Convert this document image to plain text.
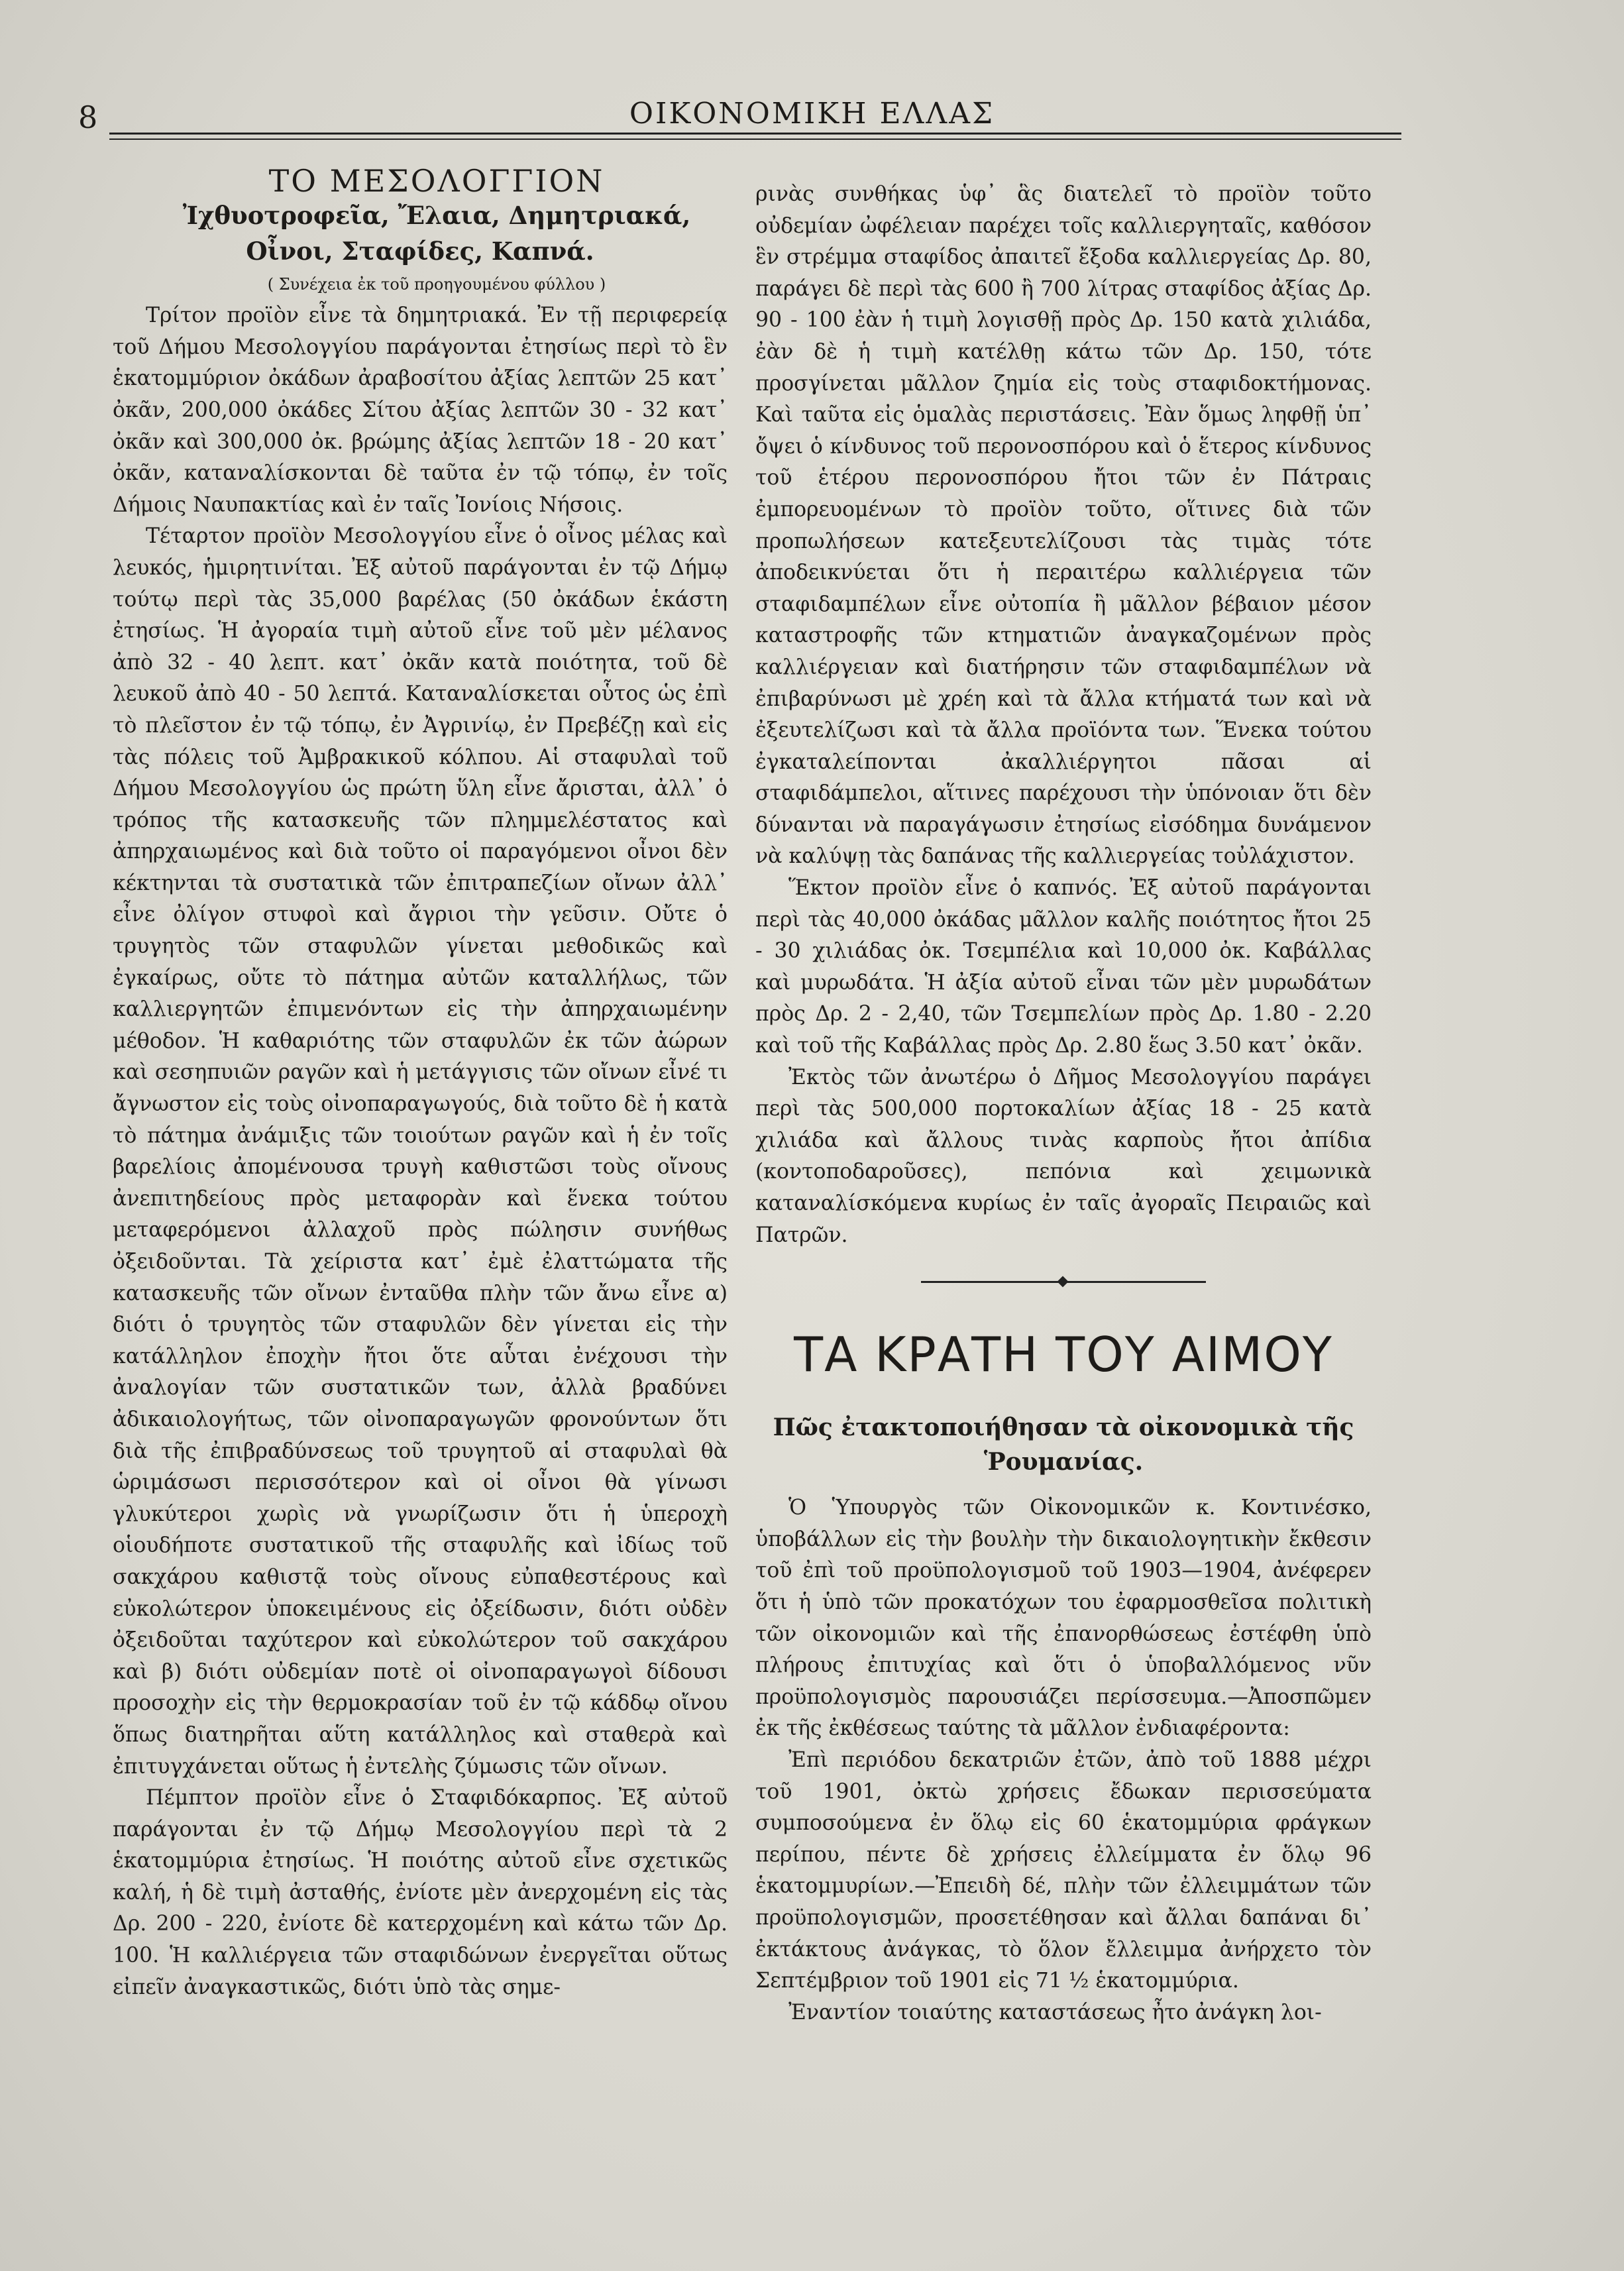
8	ΟΙΚΟΝΟΜΙΚΗ ΕΛΛΑΣ

ΤΟ ΜΕΣΟΛΟΓΓΙΟΝ

Ἰχθυοτροφεῖα, Ἔλαια, Δημητριακά, Οἶνοι, Σταφίδες, Καπνά.

( Συνέχεια ἐκ τοῦ προηγουμένου φύλλου )

Τρίτον προϊὸν εἶνε τὰ δημητριακά. Ἐν τῇ περιφερείᾳ τοῦ Δήμου Μεσολογγίου παράγονται ἐτησίως περὶ τὸ ἓν ἑκατομμύριον ὀκάδων ἀραβοσίτου ἀξίας λεπτῶν 25 κατ᾽ ὀκᾶν, 200,000 ὀκάδες Σίτου ἀξίας λεπτῶν 30 - 32 κατ᾽ ὀκᾶν καὶ 300,000 ὀκ. βρώμης ἀξίας λεπτῶν 18 - 20 κατ᾽ ὀκᾶν, καταναλίσκονται δὲ ταῦτα ἐν τῷ τόπῳ, ἐν τοῖς Δήμοις Ναυπακτίας καὶ ἐν ταῖς Ἰονίοις Νήσοις.

Τέταρτον προϊὸν Μεσολογγίου εἶνε ὁ οἶνος μέλας καὶ λευκός, ἡμιρητινίται. Ἐξ αὐτοῦ παράγονται ἐν τῷ Δήμῳ τούτῳ περὶ τὰς 35,000 βαρέλας (50 ὀκάδων ἑκάστη ἐτησίως. Ἡ ἀγοραία τιμὴ αὐτοῦ εἶνε τοῦ μὲν μέλανος ἀπὸ 32 - 40 λεπτ. κατ᾽ ὀκᾶν κατὰ ποιότητα, τοῦ δὲ λευκοῦ ἀπὸ 40 - 50 λεπτά. Καταναλίσκεται οὗτος ὡς ἐπὶ τὸ πλεῖστον ἐν τῷ τόπῳ, ἐν Ἀγρινίῳ, ἐν Πρεβέζῃ καὶ εἰς τὰς πόλεις τοῦ Ἀμβρακικοῦ κόλπου. Αἱ σταφυλαὶ τοῦ Δήμου Μεσολογγίου ὡς πρώτη ὕλη εἶνε ἄρισται, ἀλλ᾽ ὁ τρόπος τῆς κατασκευῆς τῶν πλημμελέστατος καὶ ἀπηρχαιωμένος καὶ διὰ τοῦτο οἱ παραγόμενοι οἶνοι δὲν κέκτηνται τὰ συστατικὰ τῶν ἐπιτραπεζίων οἴνων ἀλλ᾽ εἶνε ὀλίγον στυφοὶ καὶ ἄγριοι τὴν γεῦσιν. Οὔτε ὁ τρυγητὸς τῶν σταφυλῶν γίνεται μεθοδικῶς καὶ ἐγκαίρως, οὔτε τὸ πάτημα αὐτῶν καταλλήλως, τῶν καλλιεργητῶν ἐπιμενόντων εἰς τὴν ἀπηρχαιωμένην μέθοδον. Ἡ καθαριότης τῶν σταφυλῶν ἐκ τῶν ἀώρων καὶ σεσηπυιῶν ραγῶν καὶ ἡ μετάγγισις τῶν οἴνων εἶνέ τι ἄγνωστον εἰς τοὺς οἰνοπαραγωγούς, διὰ τοῦτο δὲ ἡ κατὰ τὸ πάτημα ἀνάμιξις τῶν τοιούτων ραγῶν καὶ ἡ ἐν τοῖς βαρελίοις ἀπομένουσα τρυγὴ καθιστῶσι τοὺς οἴνους ἀνεπιτηδείους πρὸς μεταφορὰν καὶ ἕνεκα τούτου μεταφερόμενοι ἀλλαχοῦ πρὸς πώλησιν συνήθως ὀξειδοῦνται. Τὰ χείριστα κατ᾽ ἐμὲ ἐλαττώματα τῆς κατασκευῆς τῶν οἴνων ἐνταῦθα πλὴν τῶν ἄνω εἶνε α) διότι ὁ τρυγητὸς τῶν σταφυλῶν δὲν γίνεται εἰς τὴν κατάλληλον ἐποχὴν ἤτοι ὅτε αὗται ἐνέχουσι τὴν ἀναλογίαν τῶν συστατικῶν των, ἀλλὰ βραδύνει ἀδικαιολογήτως, τῶν οἰνοπαραγωγῶν φρονούντων ὅτι διὰ τῆς ἐπιβραδύνσεως τοῦ τρυγητοῦ αἱ σταφυλαὶ θὰ ὡριμάσωσι περισσότερον καὶ οἱ οἶνοι θὰ γίνωσι γλυκύτεροι χωρὶς νὰ γνωρίζωσιν ὅτι ἡ ὑπεροχὴ οἱουδήποτε συστατικοῦ τῆς σταφυλῆς καὶ ἰδίως τοῦ σακχάρου καθιστᾷ τοὺς οἴνους εὐπαθεστέρους καὶ εὐκολώτερον ὑποκειμένους εἰς ὀξείδωσιν, διότι οὐδὲν ὀξειδοῦται ταχύτερον καὶ εὐκολώτερον τοῦ σακχάρου καὶ β) διότι οὐδεμίαν ποτὲ οἱ οἰνοπαραγωγοὶ δίδουσι προσοχὴν εἰς τὴν θερμοκρασίαν τοῦ ἐν τῷ κάδδῳ οἴνου ὅπως διατηρῆται αὕτη κατάλληλος καὶ σταθερὰ καὶ ἐπιτυγχάνεται οὕτως ἡ ἐντελὴς ζύμωσις τῶν οἴνων.

Πέμπτον προϊὸν εἶνε ὁ Σταφιδόκαρπος. Ἐξ αὐτοῦ παράγονται ἐν τῷ Δήμῳ Μεσολογγίου περὶ τὰ 2 ἑκατομμύρια ἐτησίως. Ἡ ποιότης αὐτοῦ εἶνε σχετικῶς καλή, ἡ δὲ τιμὴ ἀσταθής, ἐνίοτε μὲν ἀνερχομένη εἰς τὰς Δρ. 200 - 220, ἐνίοτε δὲ κατερχομένη καὶ κάτω τῶν Δρ. 100. Ἡ καλλιέργεια τῶν σταφιδώνων ἐνεργεῖται οὕτως εἰπεῖν ἀναγκαστικῶς, διότι ὑπὸ τὰς σημε-

ρινὰς συνθήκας ὑφ᾽ ἃς διατελεῖ τὸ προϊὸν τοῦτο οὐδεμίαν ὠφέλειαν παρέχει τοῖς καλλιεργηταῖς, καθόσον ἓν στρέμμα σταφίδος ἀπαιτεῖ ἔξοδα καλλιεργείας Δρ. 80, παράγει δὲ περὶ τὰς 600 ἢ 700 λίτρας σταφίδος ἀξίας Δρ. 90 - 100 ἐὰν ἡ τιμὴ λογισθῇ πρὸς Δρ. 150 κατὰ χιλιάδα, ἐὰν δὲ ἡ τιμὴ κατέλθῃ κάτω τῶν Δρ. 150, τότε προσγίνεται μᾶλλον ζημία εἰς τοὺς σταφιδοκτήμονας. Καὶ ταῦτα εἰς ὁμαλὰς περιστάσεις. Ἐὰν ὅμως ληφθῇ ὑπ᾽ ὄψει ὁ κίνδυνος τοῦ περονοσπόρου καὶ ὁ ἕτερος κίνδυνος τοῦ ἑτέρου περονοσπόρου ἤτοι τῶν ἐν Πάτραις ἐμπορευομένων τὸ προϊὸν τοῦτο, οἵτινες διὰ τῶν προπωλήσεων κατεξευτελίζουσι τὰς τιμὰς τότε ἀποδεικνύεται ὅτι ἡ περαιτέρω καλλιέργεια τῶν σταφιδαμπέλων εἶνε οὐτοπία ἢ μᾶλλον βέβαιον μέσον καταστροφῆς τῶν κτηματιῶν ἀναγκαζομένων πρὸς καλλιέργειαν καὶ διατήρησιν τῶν σταφιδαμπέλων νὰ ἐπιβαρύνωσι μὲ χρέη καὶ τὰ ἄλλα κτήματά των καὶ νὰ ἐξευτελίζωσι καὶ τὰ ἄλλα προϊόντα των. Ἕνεκα τούτου ἐγκαταλείπονται ἀκαλλιέργητοι πᾶσαι αἱ σταφιδάμπελοι, αἵτινες παρέχουσι τὴν ὑπόνοιαν ὅτι δὲν δύνανται νὰ παραγάγωσιν ἐτησίως εἰσόδημα δυνάμενον νὰ καλύψῃ τὰς δαπάνας τῆς καλλιεργείας τοὐλάχιστον.

Ἕκτον προϊὸν εἶνε ὁ καπνός. Ἐξ αὐτοῦ παράγονται περὶ τὰς 40,000 ὀκάδας μᾶλλον καλῆς ποιότητος ἤτοι 25 - 30 χιλιάδας ὀκ. Τσεμπέλια καὶ 10,000 ὀκ. Καβάλλας καὶ μυρωδάτα. Ἡ ἀξία αὐτοῦ εἶναι τῶν μὲν μυρωδάτων πρὸς Δρ. 2 - 2,40, τῶν Τσεμπελίων πρὸς Δρ. 1.80 - 2.20 καὶ τοῦ τῆς Καβάλλας πρὸς Δρ. 2.80 ἕως 3.50 κατ᾽ ὀκᾶν.

Ἐκτὸς τῶν ἀνωτέρω ὁ Δῆμος Μεσολογγίου παράγει περὶ τὰς 500,000 πορτοκαλίων ἀξίας 18 - 25 κατὰ χιλιάδα καὶ ἄλλους τινὰς καρποὺς ἤτοι ἀπίδια (κοντοποδαροῦσες), πεπόνια καὶ χειμωνικὰ καταναλίσκόμενα κυρίως ἐν ταῖς ἀγοραῖς Πειραιῶς καὶ Πατρῶν.

ΤΑ ΚΡΑΤΗ ΤΟΥ ΑΙΜΟΥ
Πῶς ἐτακτοποιήθησαν τὰ οἰκονομικὰ τῆς Ῥουμανίας.

Ὁ Ὑπουργὸς τῶν Οἰκονομικῶν κ. Κοντινέσκο, ὑποβάλλων εἰς τὴν βουλὴν τὴν δικαιολογητικὴν ἔκθεσιν τοῦ ἐπὶ τοῦ προϋπολογισμοῦ τοῦ 1903—1904, ἀνέφερεν ὅτι ἡ ὑπὸ τῶν προκατόχων του ἐφαρμοσθεῖσα πολιτικὴ τῶν οἰκονομιῶν καὶ τῆς ἐπανορθώσεως ἐστέφθη ὑπὸ πλήρους ἐπιτυχίας καὶ ὅτι ὁ ὑποβαλλόμενος νῦν προϋπολογισμὸς παρουσιάζει περίσσευμα.—Ἀποσπῶμεν ἐκ τῆς ἐκθέσεως ταύτης τὰ μᾶλλον ἐνδιαφέροντα:

Ἐπὶ περιόδου δεκατριῶν ἐτῶν, ἀπὸ τοῦ 1888 μέχρι τοῦ 1901, ὀκτὼ χρήσεις ἔδωκαν περισσεύματα συμποσούμενα ἐν ὅλῳ εἰς 60 ἑκατομμύρια φράγκων περίπου, πέντε δὲ χρήσεις ἐλλείμματα ἐν ὅλῳ 96 ἑκατομμυρίων.—Ἐπειδὴ δέ, πλὴν τῶν ἐλλειμμάτων τῶν προϋπολογισμῶν, προσετέθησαν καὶ ἄλλαι δαπάναι δι᾽ ἐκτάκτους ἀνάγκας, τὸ ὅλον ἔλλειμμα ἀνήρχετο τὸν Σεπτέμβριον τοῦ 1901 εἰς 71 ½ ἑκατομμύρια.

Ἐναντίον τοιαύτης καταστάσεως ἦτο ἀνάγκη λοι-
